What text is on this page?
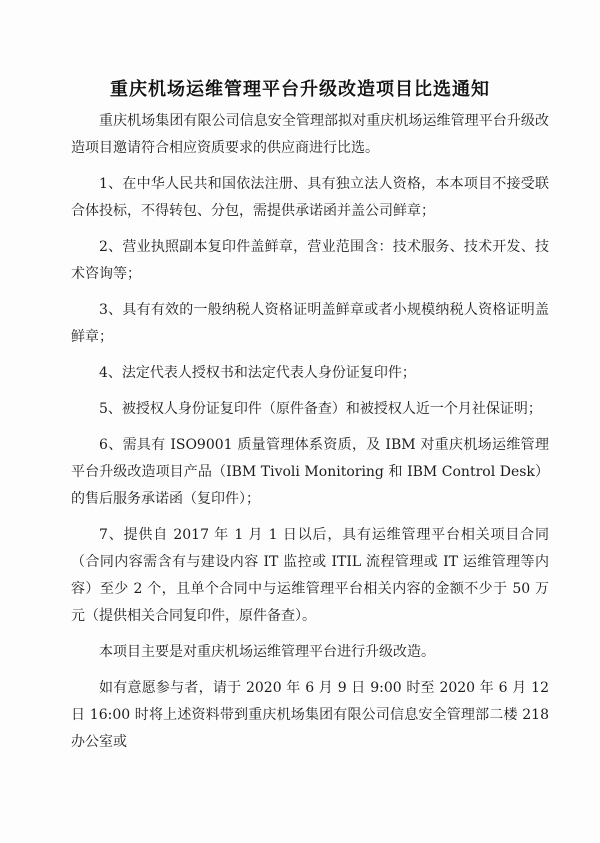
重庆机场运维管理平台升级改造项目比选通知

重庆机场集团有限公司信息安全管理部拟对重庆机场运维管理平台升级改造项目邀请符合相应资质要求的供应商进行比选。

1、在中华人民共和国依法注册、具有独立法人资格，本本项目不接受联合体投标，不得转包、分包，需提供承诺函并盖公司鲜章；

2、营业执照副本复印件盖鲜章，营业范围含：技术服务、技术开发、技术咨询等；

3、具有有效的一般纳税人资格证明盖鲜章或者小规模纳税人资格证明盖鲜章；

4、法定代表人授权书和法定代表人身份证复印件；

5、被授权人身份证复印件（原件备查）和被授权人近一个月社保证明；

6、需具有 ISO9001 质量管理体系资质，及 IBM 对重庆机场运维管理平台升级改造项目产品（IBM Tivoli Monitoring 和 IBM Control Desk）的售后服务承诺函（复印件）；

7、提供自 2017 年 1 月 1 日以后，具有运维管理平台相关项目合同（合同内容需含有与建设内容 IT 监控或 ITIL 流程管理或 IT 运维管理等内容）至少 2 个，且单个合同中与运维管理平台相关内容的金额不少于 50 万元（提供相关合同复印件，原件备查）。

本项目主要是对重庆机场运维管理平台进行升级改造。

如有意愿参与者，请于 2020 年 6 月 9 日 9:00 时至 2020 年 6 月 12 日 16:00 时将上述资料带到重庆机场集团有限公司信息安全管理部二楼 218 办公室或
